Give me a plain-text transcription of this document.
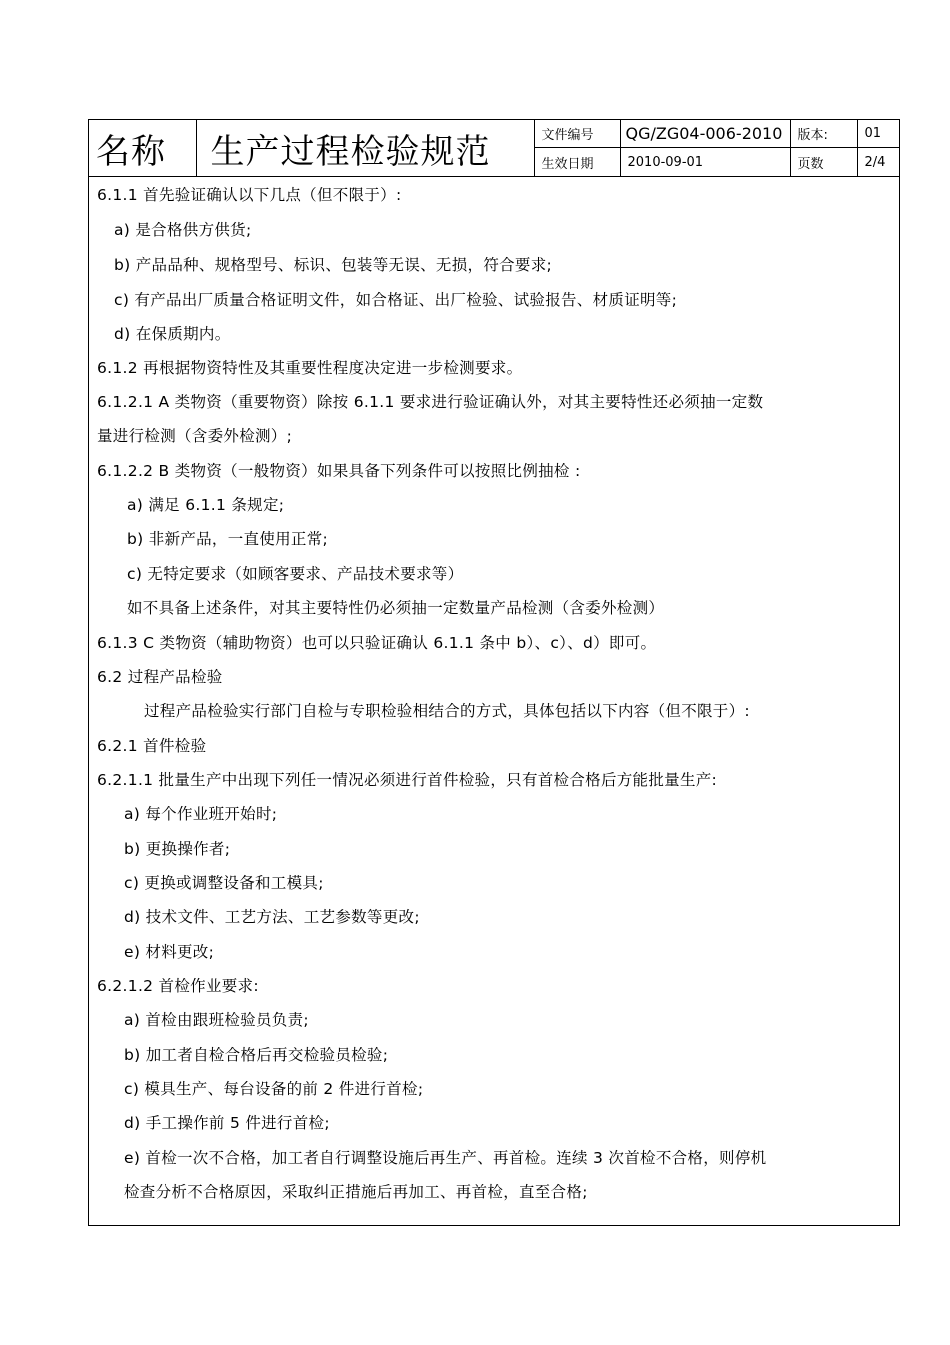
名称	生产过程检验规范	文件编号	QG/ZG04-006-2010	版本:	01
		生效日期	2010-09-01	页数	2/4
6.1.1 首先验证确认以下几点（但不限于）:
a) 是合格供方供货;
b) 产品品种、规格型号、标识、包装等无误、无损，符合要求;
c) 有产品出厂质量合格证明文件，如合格证、出厂检验、试验报告、材质证明等;
d) 在保质期内。
6.1.2 再根据物资特性及其重要性程度决定进一步检测要求。
6.1.2.1 A 类物资（重要物资）除按 6.1.1 要求进行验证确认外，对其主要特性还必须抽一定数
量进行检测（含委外检测）;
6.1.2.2 B 类物资（一般物资）如果具备下列条件可以按照比例抽检 :
a) 满足 6.1.1 条规定;
b) 非新产品，一直使用正常;
c) 无特定要求（如顾客要求、产品技术要求等）
如不具备上述条件，对其主要特性仍必须抽一定数量产品检测（含委外检测）
6.1.3 C 类物资（辅助物资）也可以只验证确认 6.1.1 条中 b）、c）、d）即可。
6.2 过程产品检验
过程产品检验实行部门自检与专职检验相结合的方式，具体包括以下内容（但不限于）:
6.2.1 首件检验
6.2.1.1 批量生产中出现下列任一情况必须进行首件检验，只有首检合格后方能批量生产:
a) 每个作业班开始时;
b) 更换操作者;
c) 更换或调整设备和工模具;
d) 技术文件、工艺方法、工艺参数等更改;
e) 材料更改;
6.2.1.2 首检作业要求:
a) 首检由跟班检验员负责;
b) 加工者自检合格后再交检验员检验;
c) 模具生产、每台设备的前 2 件进行首检;
d) 手工操作前 5 件进行首检;
e) 首检一次不合格，加工者自行调整设施后再生产、再首检。连续 3 次首检不合格，则停机
检查分析不合格原因，采取纠正措施后再加工、再首检，直至合格;
